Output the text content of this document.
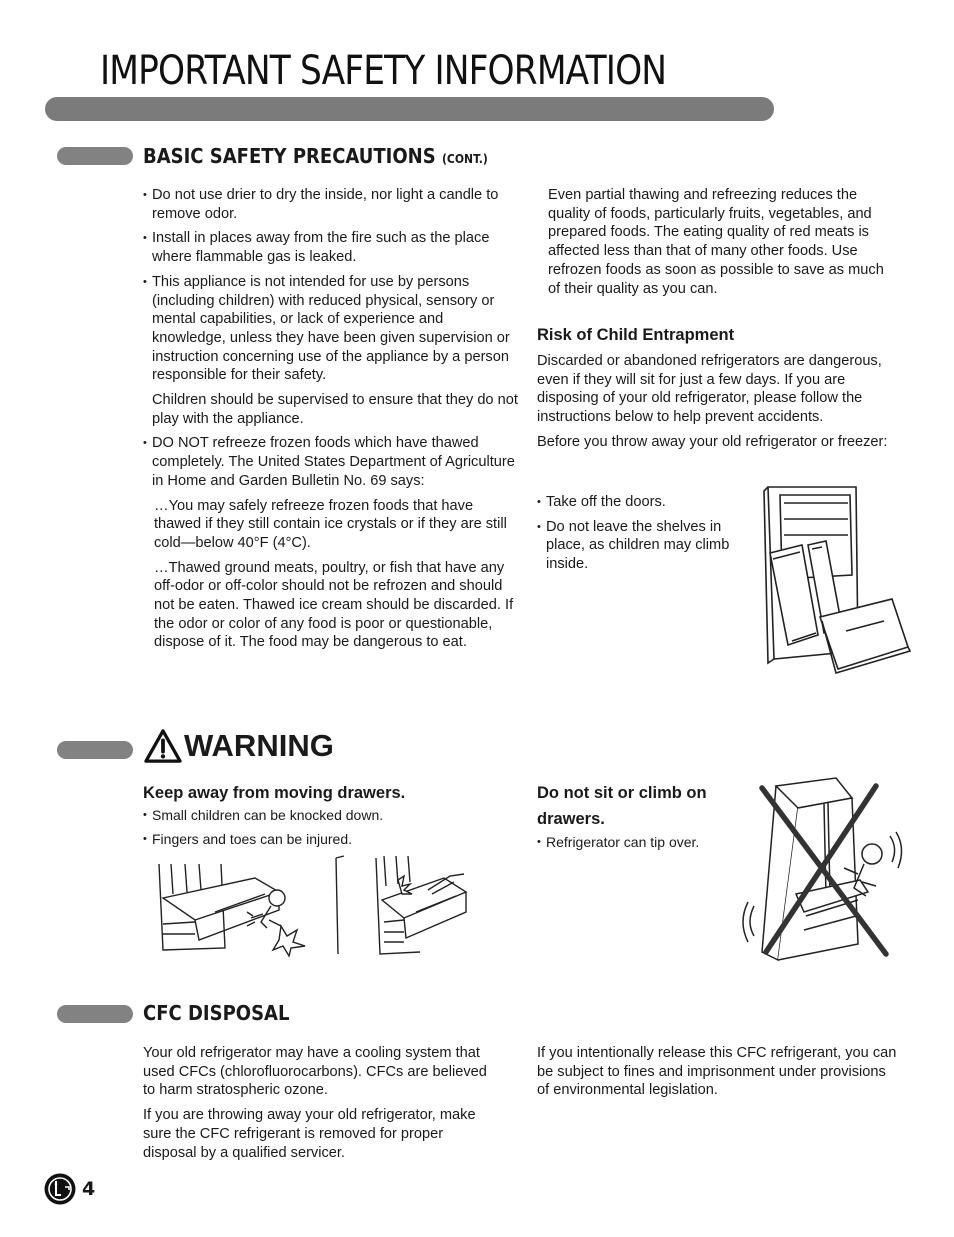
IMPORTANT SAFETY INFORMATION
BASIC SAFETY PRECAUTIONS (CONT.)
• Do not use drier to dry the inside, nor light a candle to remove odor.
• Install in places away from the fire such as the place where flammable gas is leaked.
• This appliance is not intended for use by persons (including children) with reduced physical, sensory or mental capabilities, or lack of experience and knowledge, unless they have been given supervision or instruction concerning use of the appliance by a person responsible for their safety.

Children should be supervised to ensure that they do not play with the appliance.

• DO NOT refreeze frozen foods which have thawed completely. The United States Department of Agriculture in Home and Garden Bulletin No. 69 says:

…You may safely refreeze frozen foods that have thawed if they still contain ice crystals or if they are still cold—below 40°F (4°C).

…Thawed ground meats, poultry, or fish that have any off-odor or off-color should not be refrozen and should not be eaten. Thawed ice cream should be discarded. If the odor or color of any food is poor or questionable, dispose of it. The food may be dangerous to eat.

Even partial thawing and refreezing reduces the quality of foods, particularly fruits, vegetables, and prepared foods. The eating quality of red meats is affected less than that of many other foods. Use refrozen foods as soon as possible to save as much of their quality as you can.

Risk of Child Entrapment

Discarded or abandoned refrigerators are dangerous, even if they will sit for just a few days. If you are disposing of your old refrigerator, please follow the instructions below to help prevent accidents.

Before you throw away your old refrigerator or freezer:

• Take off the doors.
• Do not leave the shelves in place, as children may climb inside.
WARNING
Keep away from moving drawers.
• Small children can be knocked down.
• Fingers and toes can be injured.
Do not sit or climb on
drawers.
• Refrigerator can tip over.
CFC DISPOSAL

Your old refrigerator may have a cooling system that used CFCs (chlorofluorocarbons). CFCs are believed to harm stratospheric ozone.

If you are throwing away your old refrigerator, make sure the CFC refrigerant is removed for proper disposal by a qualified servicer.

If you intentionally release this CFC refrigerant, you can be subject to fines and imprisonment under provisions of environmental legislation.

4
